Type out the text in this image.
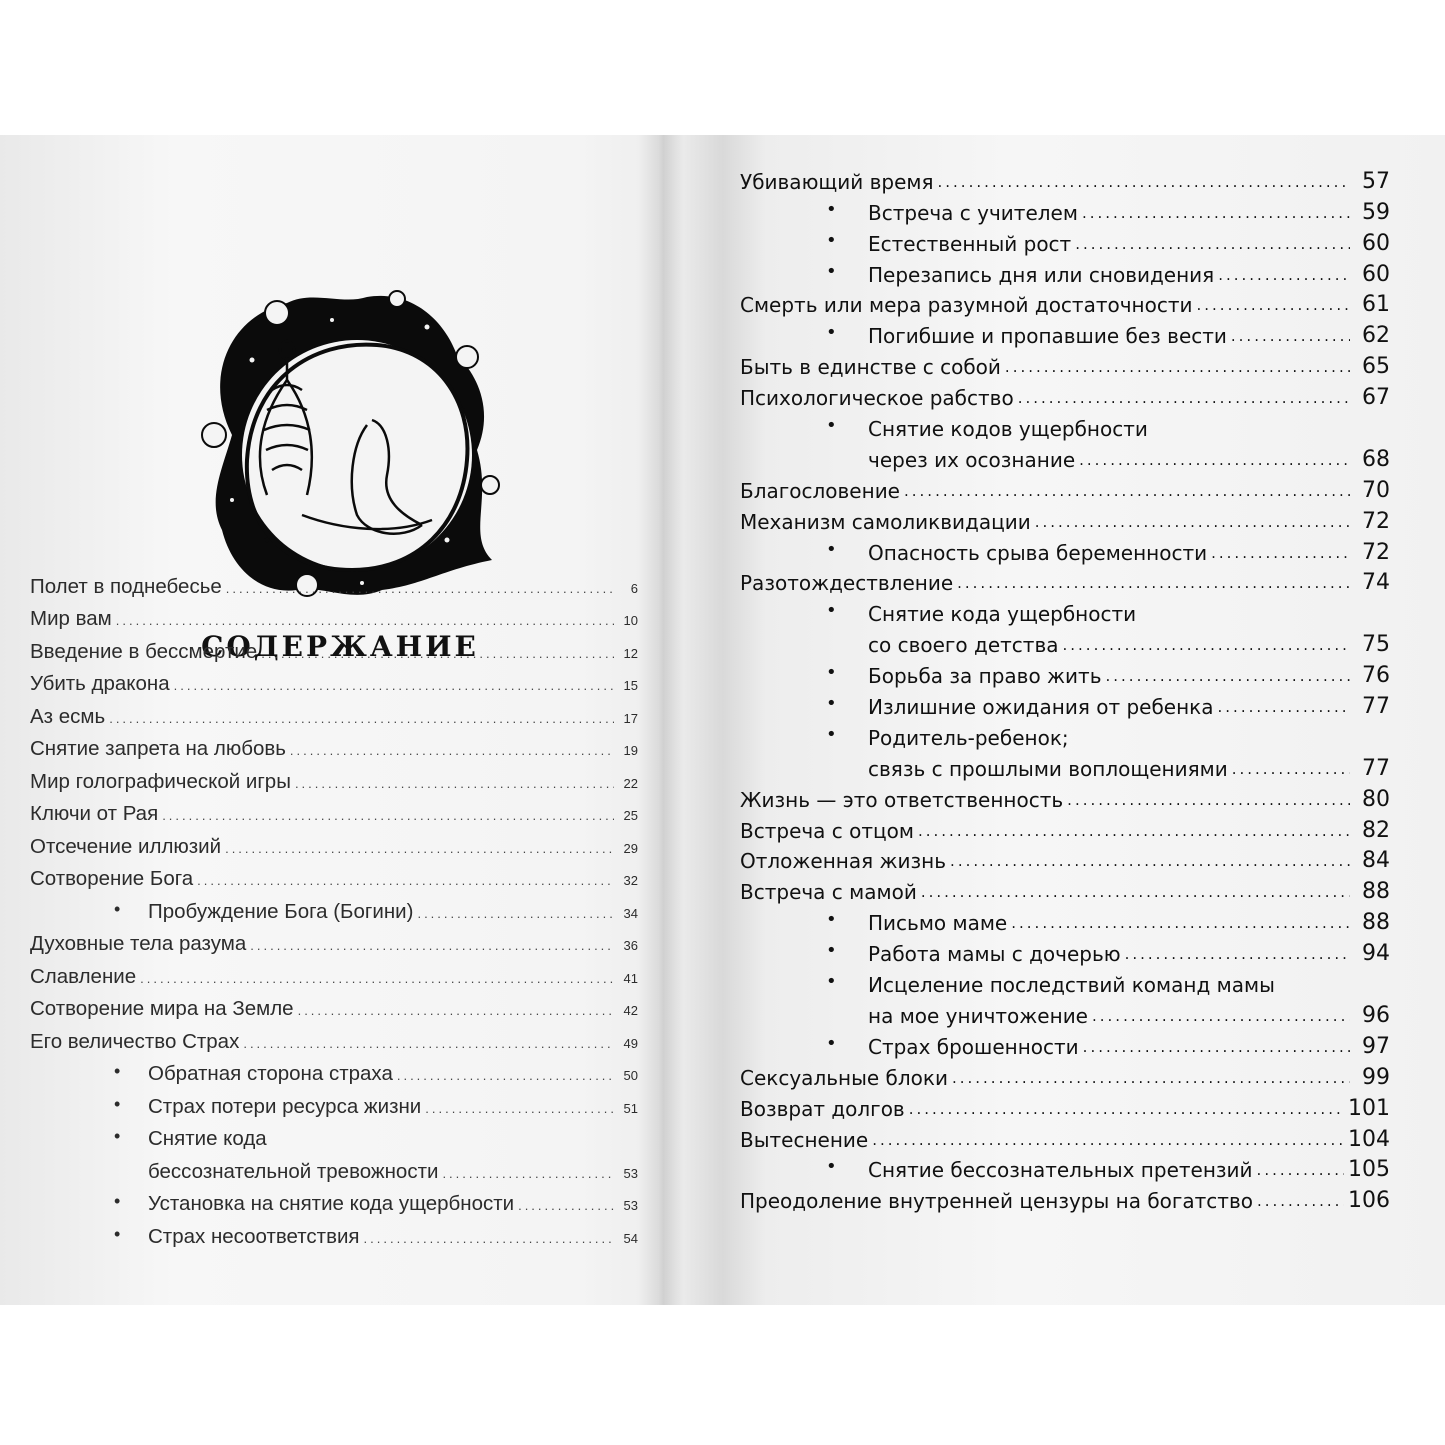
СОДЕРЖАНИЕ
Полет в поднебесье .....	6
Мир вам .....	10
Введение в бессмертие .....	12
Убить дракона .....	15
Аз есмь .....	17
Снятие запрета на любовь .....	19
Мир голографической игры .....	22
Ключи от Рая .....	25
Отсечение иллюзий .....	29
Сотворение Бога .....	32
• Пробуждение Бога (Богини) .....	34
Духовные тела разума .....	36
Славление .....	41
Сотворение мира на Земле .....	42
Его величество Страх .....	49
• Обратная сторона страха .....	50
• Страх потери ресурса жизни .....	51
• Снятие кода
бессознательной тревожности .....	53
• Установка на снятие кода ущербности .....	53
• Страх несоответствия .....	54
Убивающий время .....	57
• Встреча с учителем .....	59
• Естественный рост .....	60
• Перезапись дня или сновидения .....	60
Смерть или мера разумной достаточности .....	61
• Погибшие и пропавшие без вести .....	62
Быть в единстве с собой .....	65
Психологическое рабство .....	67
• Снятие кодов ущербности
через их осознание .....	68
Благословение .....	70
Механизм самоликвидации .....	72
• Опасность срыва беременности .....	72
Разотождествление .....	74
• Снятие кода ущербности
со своего детства .....	75
• Борьба за право жить .....	76
• Излишние ожидания от ребенка .....	77
• Родитель-ребенок;
связь с прошлыми воплощениями .....	77
Жизнь — это ответственность .....	80
Встреча с отцом .....	82
Отложенная жизнь .....	84
Встреча с мамой .....	88
• Письмо маме .....	88
• Работа мамы с дочерью .....	94
• Исцеление последствий команд мамы
на мое уничтожение .....	96
• Страх брошенности .....	97
Сексуальные блоки .....	99
Возврат долгов .....	101
Вытеснение .....	104
• Снятие бессознательных претензий .....	105
Преодоление внутренней цензуры на богатство .....	106
